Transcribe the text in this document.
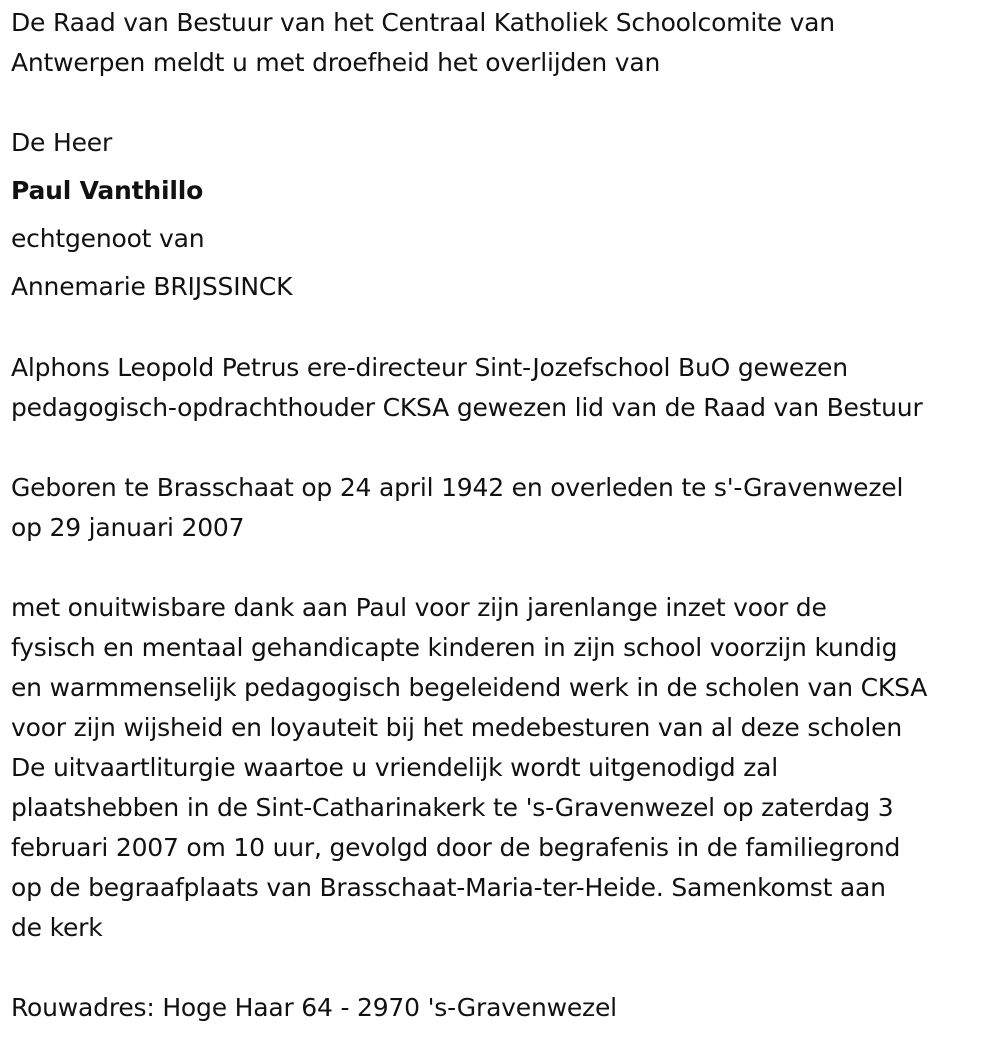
De Raad van Bestuur van het Centraal Katholiek Schoolcomite van
Antwerpen meldt u met droefheid het overlijden van
De Heer
Paul Vanthillo
echtgenoot van
Annemarie BRIJSSINCK
Alphons Leopold Petrus ere-directeur Sint-Jozefschool BuO gewezen
pedagogisch-opdrachthouder CKSA gewezen lid van de Raad van Bestuur
Geboren te Brasschaat op 24 april 1942 en overleden te s'-Gravenwezel
op 29 januari 2007
met onuitwisbare dank aan Paul voor zijn jarenlange inzet voor de
fysisch en mentaal gehandicapte kinderen in zijn school voorzijn kundig
en warmmenselijk pedagogisch begeleidend werk in de scholen van CKSA
voor zijn wijsheid en loyauteit bij het medebesturen van al deze scholen
De uitvaartliturgie waartoe u vriendelijk wordt uitgenodigd zal
plaatshebben in de Sint-Catharinakerk te 's-Gravenwezel op zaterdag 3
februari 2007 om 10 uur, gevolgd door de begrafenis in de familiegrond
op de begraafplaats van Brasschaat-Maria-ter-Heide. Samenkomst aan
de kerk
Rouwadres: Hoge Haar 64 - 2970 's-Gravenwezel
